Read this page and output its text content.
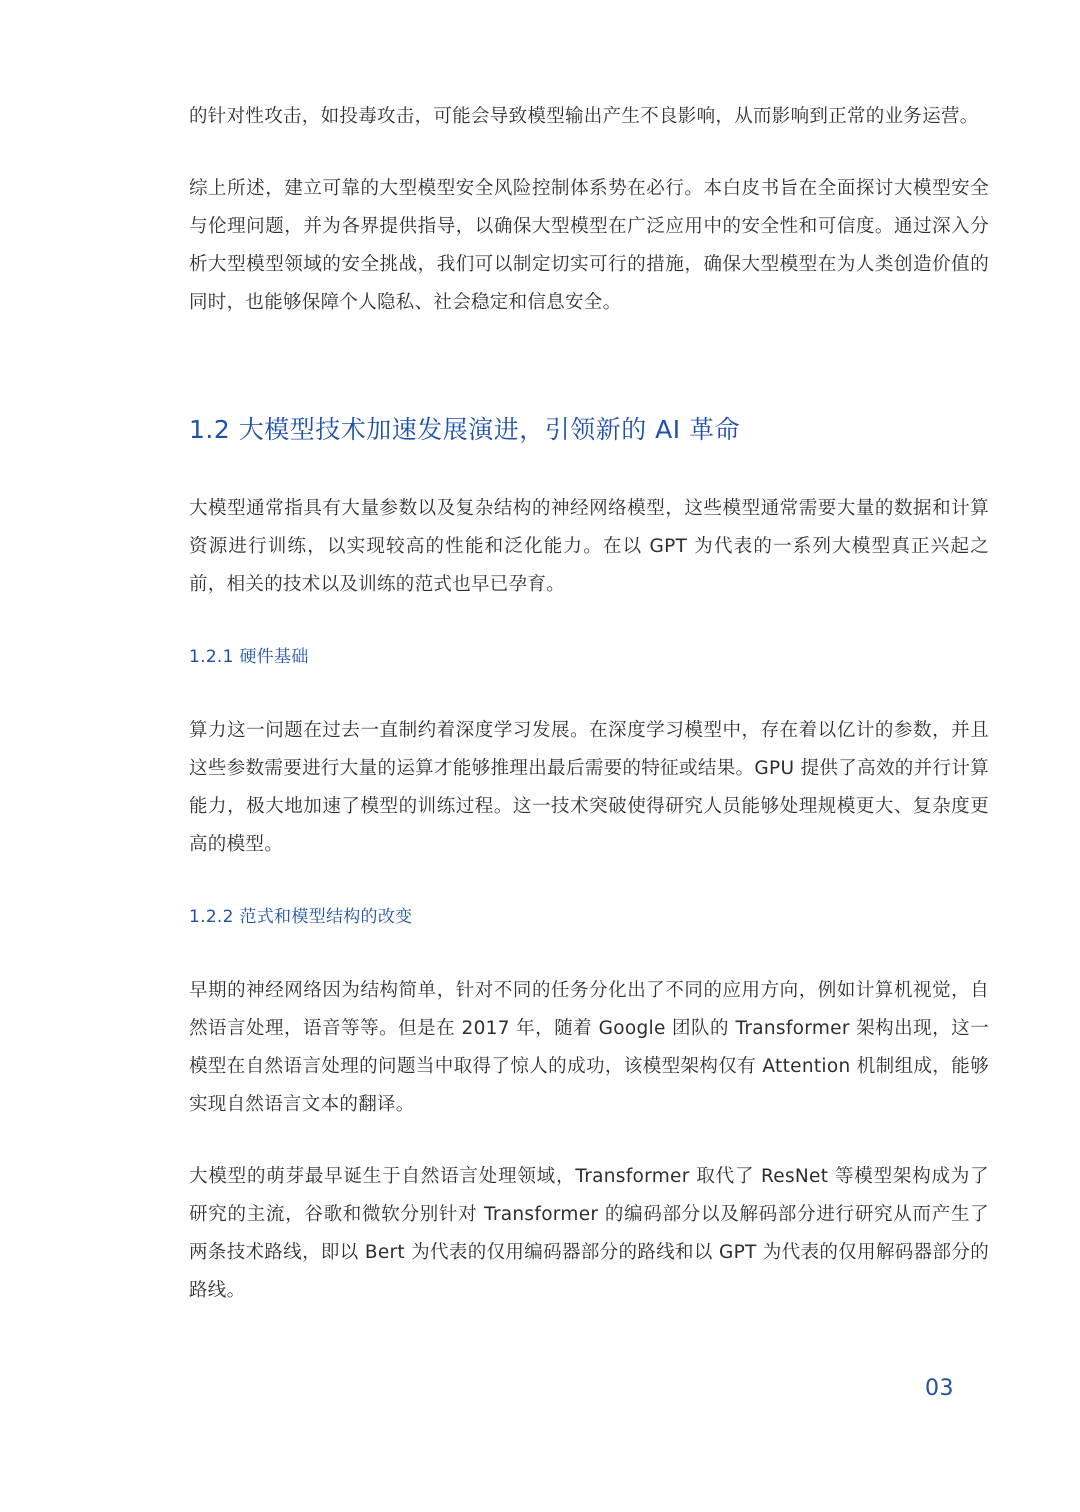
的针对性攻击，如投毒攻击，可能会导致模型输出产生不良影响，从而影响到正常的业务运营。

综上所述，建立可靠的大型模型安全风险控制体系势在必行。本白皮书旨在全面探讨大模型安全与伦理问题，并为各界提供指导，以确保大型模型在广泛应用中的安全性和可信度。通过深入分析大型模型领域的安全挑战，我们可以制定切实可行的措施，确保大型模型在为人类创造价值的同时，也能够保障个人隐私、社会稳定和信息安全。

1.2 大模型技术加速发展演进，引领新的 AI 革命

大模型通常指具有大量参数以及复杂结构的神经网络模型，这些模型通常需要大量的数据和计算资源进行训练，以实现较高的性能和泛化能力。在以 GPT 为代表的一系列大模型真正兴起之前，相关的技术以及训练的范式也早已孕育。

1.2.1 硬件基础

算力这一问题在过去一直制约着深度学习发展。在深度学习模型中，存在着以亿计的参数，并且这些参数需要进行大量的运算才能够推理出最后需要的特征或结果。GPU 提供了高效的并行计算能力，极大地加速了模型的训练过程。这一技术突破使得研究人员能够处理规模更大、复杂度更高的模型。

1.2.2 范式和模型结构的改变

早期的神经网络因为结构简单，针对不同的任务分化出了不同的应用方向，例如计算机视觉，自然语言处理，语音等等。但是在 2017 年，随着 Google 团队的 Transformer 架构出现，这一模型在自然语言处理的问题当中取得了惊人的成功，该模型架构仅有 Attention 机制组成，能够实现自然语言文本的翻译。

大模型的萌芽最早诞生于自然语言处理领域，Transformer 取代了 ResNet 等模型架构成为了研究的主流，谷歌和微软分别针对 Transformer 的编码部分以及解码部分进行研究从而产生了两条技术路线，即以 Bert 为代表的仅用编码器部分的路线和以 GPT 为代表的仅用解码器部分的路线。

03
